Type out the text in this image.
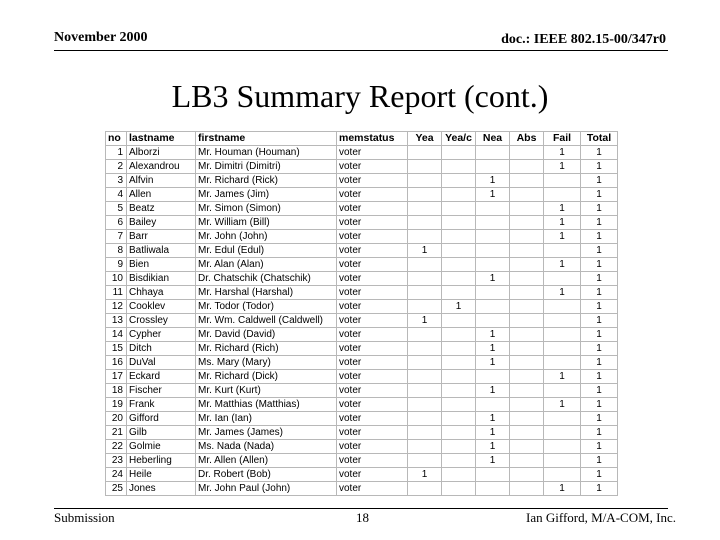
November 2000	doc.: IEEE 802.15-00/347r0
LB3 Summary Report (cont.)
no	lastname	firstname	memstatus	Yea	Yea/c	Nea	Abs	Fail	Total
1	Alborzi	Mr. Houman (Houman)	voter					1	1
2	Alexandrou	Mr. Dimitri (Dimitri)	voter					1	1
3	Alfvin	Mr. Richard (Rick)	voter			1			1
4	Allen	Mr. James (Jim)	voter			1			1
5	Beatz	Mr. Simon (Simon)	voter					1	1
6	Bailey	Mr. William (Bill)	voter					1	1
7	Barr	Mr. John (John)	voter					1	1
8	Batliwala	Mr. Edul (Edul)	voter	1					1
9	Bien	Mr. Alan (Alan)	voter					1	1
10	Bisdikian	Dr. Chatschik (Chatschik)	voter			1			1
11	Chhaya	Mr. Harshal (Harshal)	voter					1	1
12	Cooklev	Mr. Todor (Todor)	voter		1				1
13	Crossley	Mr. Wm. Caldwell (Caldwell)	voter	1					1
14	Cypher	Mr. David (David)	voter			1			1
15	Ditch	Mr. Richard (Rich)	voter			1			1
16	DuVal	Ms. Mary (Mary)	voter			1			1
17	Eckard	Mr. Richard (Dick)	voter					1	1
18	Fischer	Mr. Kurt (Kurt)	voter			1			1
19	Frank	Mr. Matthias (Matthias)	voter					1	1
20	Gifford	Mr. Ian (Ian)	voter			1			1
21	Gilb	Mr. James (James)	voter			1			1
22	Golmie	Ms. Nada (Nada)	voter			1			1
23	Heberling	Mr. Allen (Allen)	voter			1			1
24	Heile	Dr. Robert (Bob)	voter	1					1
25	Jones	Mr. John Paul (John)	voter					1	1
Submission	18	Ian Gifford, M/A-COM, Inc.
